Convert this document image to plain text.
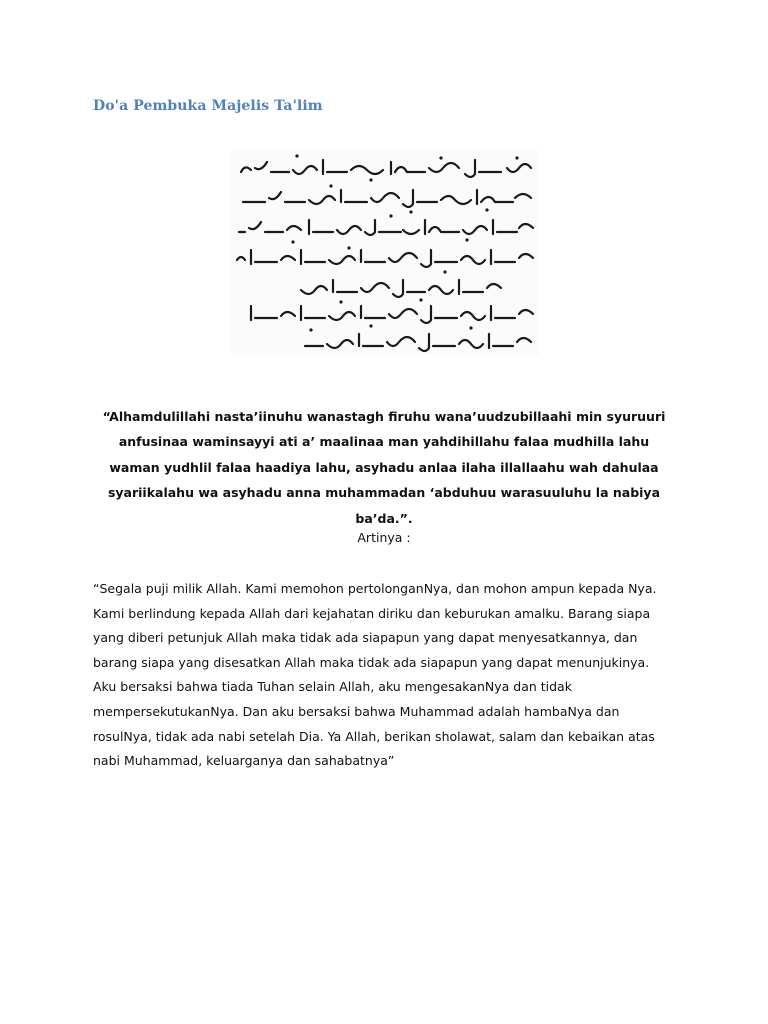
Do'a Pembuka Majelis Ta'lim
“Alhamdulillahi nasta’iinuhu wanastagh firuhu wana’uudzubillaahi min syuruuri anfusinaa waminsayyi ati a’ maalinaa man yahdihillahu falaa mudhilla lahu waman yudhlil falaa haadiya lahu, asyhadu anlaa ilaha illallaahu wah dahulaa syariikalahu wa asyhadu anna muhammadan ‘abduhuu warasuuluhu la nabiya ba’da.”.
Artinya :
“Segala puji milik Allah. Kami memohon pertolonganNya, dan mohon ampun kepada Nya. Kami berlindung kepada Allah dari kejahatan diriku dan keburukan amalku. Barang siapa yang diberi petunjuk Allah maka tidak ada siapapun yang dapat menyesatkannya, dan barang siapa yang disesatkan Allah maka tidak ada siapapun yang dapat menunjukinya. Aku bersaksi bahwa tiada Tuhan selain Allah, aku mengesakanNya dan tidak mempersekutukanNya. Dan aku bersaksi bahwa Muhammad adalah hambaNya dan rosulNya, tidak ada nabi setelah Dia. Ya Allah, berikan sholawat, salam dan kebaikan atas nabi Muhammad, keluarganya dan sahabatnya”
